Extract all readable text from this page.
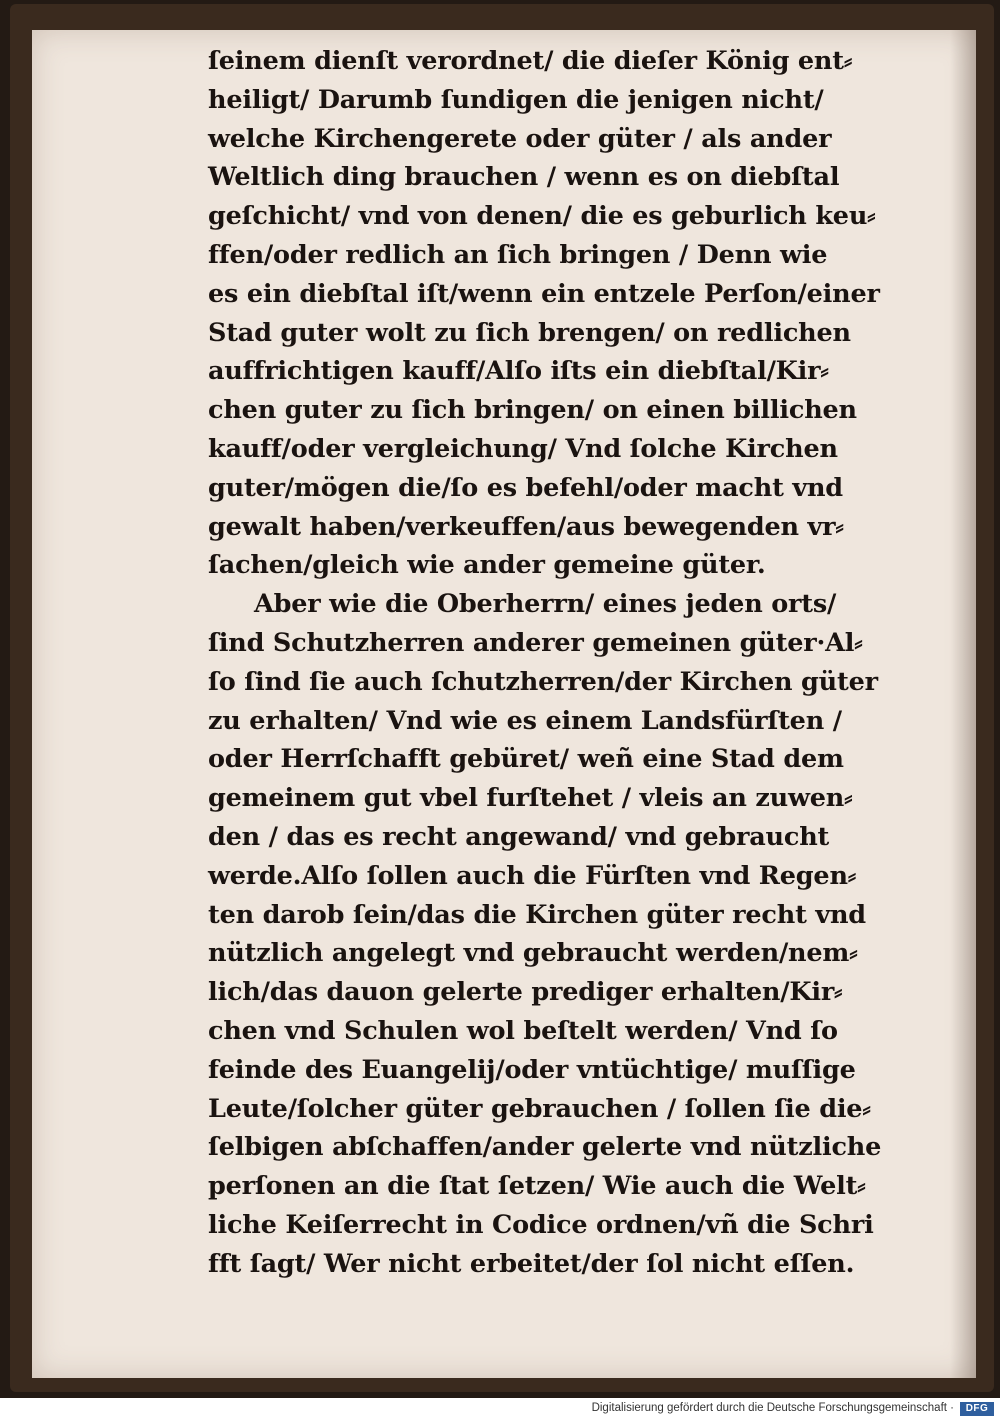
ſeinem dienſt verordnet/ die dieſer König ent⸗
heiligt/ Darumb ſundigen die jenigen nicht/
welche Kirchengerete oder güter / als ander
Weltlich ding brauchen / wenn es on diebſtal
geſchicht/ vnd von denen/ die es geburlich keu⸗
ffen/oder redlich an ſich bringen / Denn wie
es ein diebſtal iſt/wenn ein entzele Perſon/einer
Stad guter wolt zu ſich brengen/ on redlichen
auffrichtigen kauff/Alſo iſts ein diebſtal/Kir⸗
chen guter zu ſich bringen/ on einen billichen
kauff/oder vergleichung/ Vnd ſolche Kirchen
guter/mögen die/ſo es befehl/oder macht vnd
gewalt haben/verkeuffen/aus bewegenden vr⸗
ſachen/gleich wie ander gemeine güter.
Aber wie die Oberherrn/ eines jeden orts/
ſind Schutzherren anderer gemeinen güter·Al⸗
ſo ſind ſie auch ſchutzherren/der Kirchen güter
zu erhalten/ Vnd wie es einem Landsfürſten /
oder Herrſchafft gebüret/ weñ eine Stad dem
gemeinem gut vbel furſtehet / vleis an zuwen⸗
den / das es recht angewand/ vnd gebraucht
werde.Alſo ſollen auch die Fürſten vnd Regen⸗
ten darob ſein/das die Kirchen güter recht vnd
nützlich angelegt vnd gebraucht werden/nem⸗
lich/das dauon gelerte prediger erhalten/Kir⸗
chen vnd Schulen wol beſtelt werden/ Vnd ſo
feinde des Euangelij/oder vntüchtige/ muſſige
Leute/ſolcher güter gebrauchen / ſollen ſie die⸗
ſelbigen abſchaffen/ander gelerte vnd nützliche
perſonen an die ſtat ſetzen/ Wie auch die Welt⸗
liche Keiſerrecht in Codice ordnen/vñ die Schri
fft ſagt/ Wer nicht erbeitet/der ſol nicht eſſen.
Digitalisierung gefördert durch die Deutsche Forschungsgemeinschaft ·	DFG
